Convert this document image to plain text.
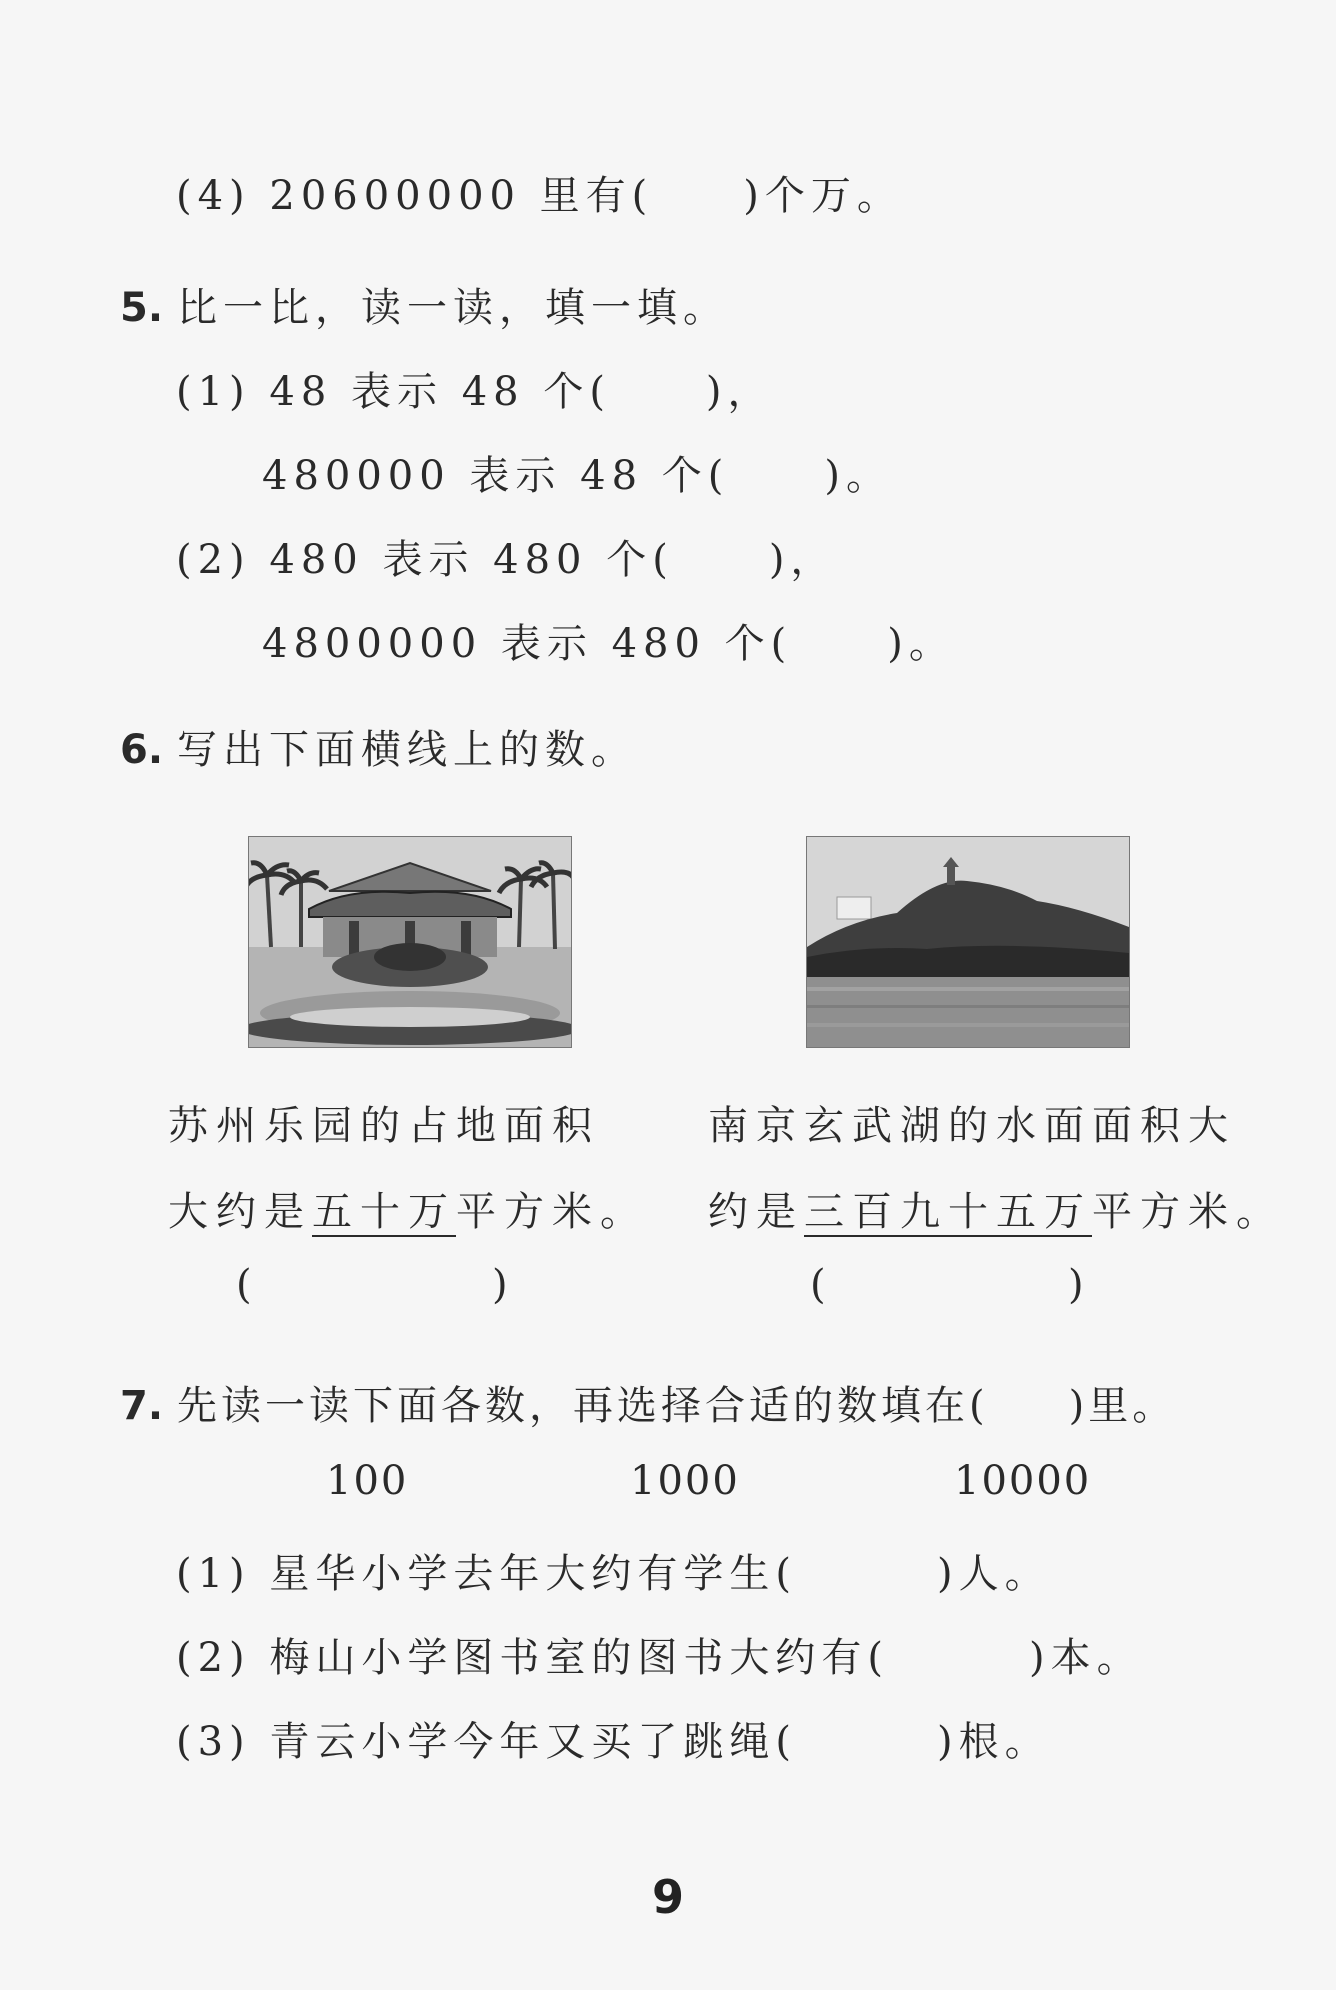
(4) 20600000 里有( )个万。
5. 比一比，读一读，填一填。
(1) 48 表示 48 个( )，
480000 表示 48 个( )。
(2) 480 表示 480 个( )，
4800000 表示 480 个( )。
6. 写出下面横线上的数。
苏州乐园的占地面积
大约是五十万平方米。
(	)
南京玄武湖的水面面积大
约是三百九十五万平方米。
(	)
7. 先读一读下面各数，再选择合适的数填在( )里。
100	1000	10000
(1) 星华小学去年大约有学生(	)人。
(2) 梅山小学图书室的图书大约有(	)本。
(3) 青云小学今年又买了跳绳(	)根。
9
